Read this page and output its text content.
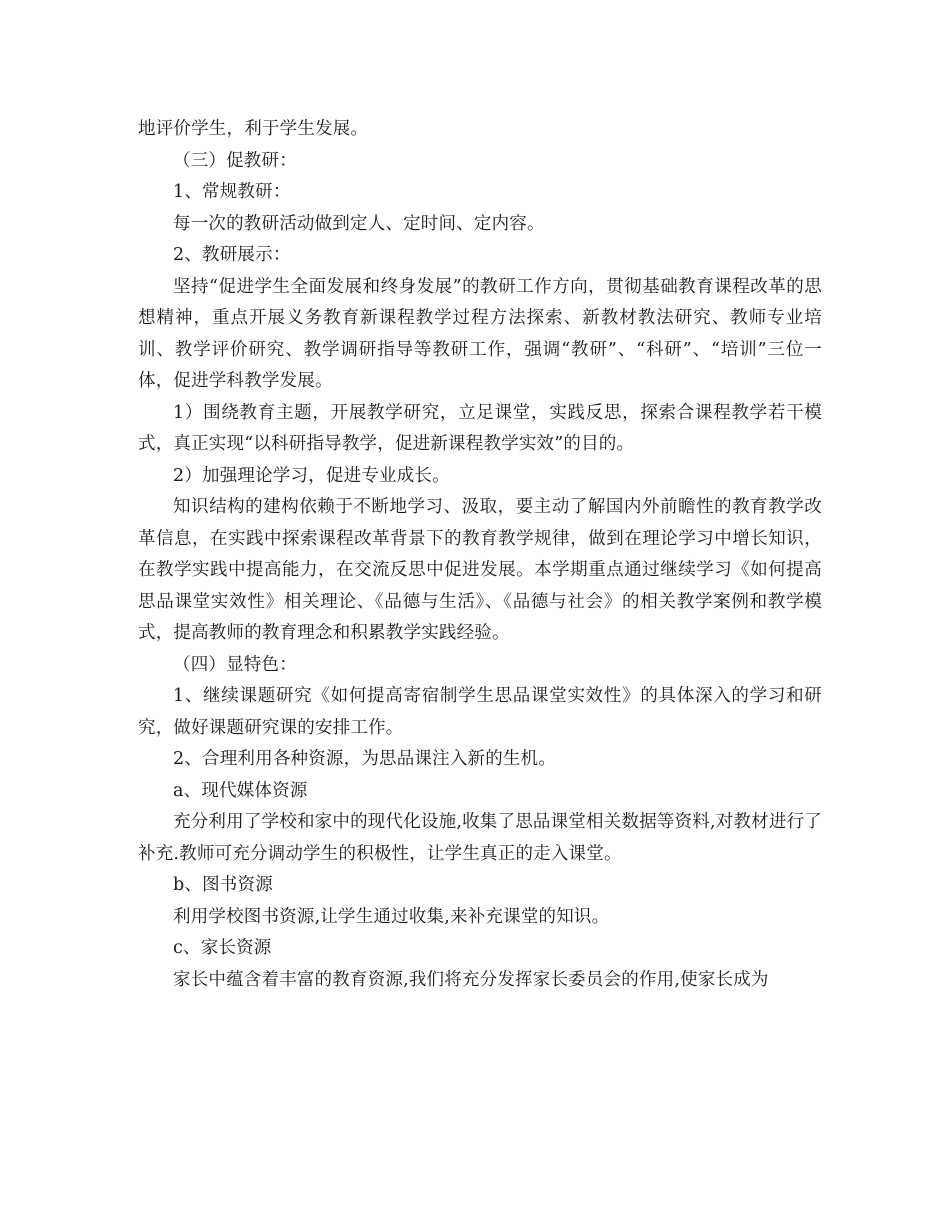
地评价学生，利于学生发展。

（三）促教研：

1、常规教研：

每一次的教研活动做到定人、定时间、定内容。

2、教研展示：

坚持“促进学生全面发展和终身发展”的教研工作方向，贯彻基础教育课程改革的思想精神，重点开展义务教育新课程教学过程方法探索、新教材教法研究、教师专业培训、教学评价研究、教学调研指导等教研工作，强调“教研”、“科研”、“培训”三位一体，促进学科教学发展。

1）围绕教育主题，开展教学研究，立足课堂，实践反思，探索合课程教学若干模式，真正实现“以科研指导教学，促进新课程教学实效”的目的。

2）加强理论学习，促进专业成长。

知识结构的建构依赖于不断地学习、汲取，要主动了解国内外前瞻性的教育教学改革信息，在实践中探索课程改革背景下的教育教学规律，做到在理论学习中增长知识，在教学实践中提高能力，在交流反思中促进发展。本学期重点通过继续学习《如何提高思品课堂实效性》相关理论、《品德与生活》、《品德与社会》的相关教学案例和教学模式，提高教师的教育理念和积累教学实践经验。

（四）显特色：

1、继续课题研究《如何提高寄宿制学生思品课堂实效性》的具体深入的学习和研究，做好课题研究课的安排工作。

2、合理利用各种资源，为思品课注入新的生机。

a、现代媒体资源

充分利用了学校和家中的现代化设施,收集了思品课堂相关数据等资料,对教材进行了补充.教师可充分调动学生的积极性，让学生真正的走入课堂。

b、图书资源

利用学校图书资源,让学生通过收集,来补充课堂的知识。

c、家长资源

家长中蕴含着丰富的教育资源,我们将充分发挥家长委员会的作用,使家长成为
